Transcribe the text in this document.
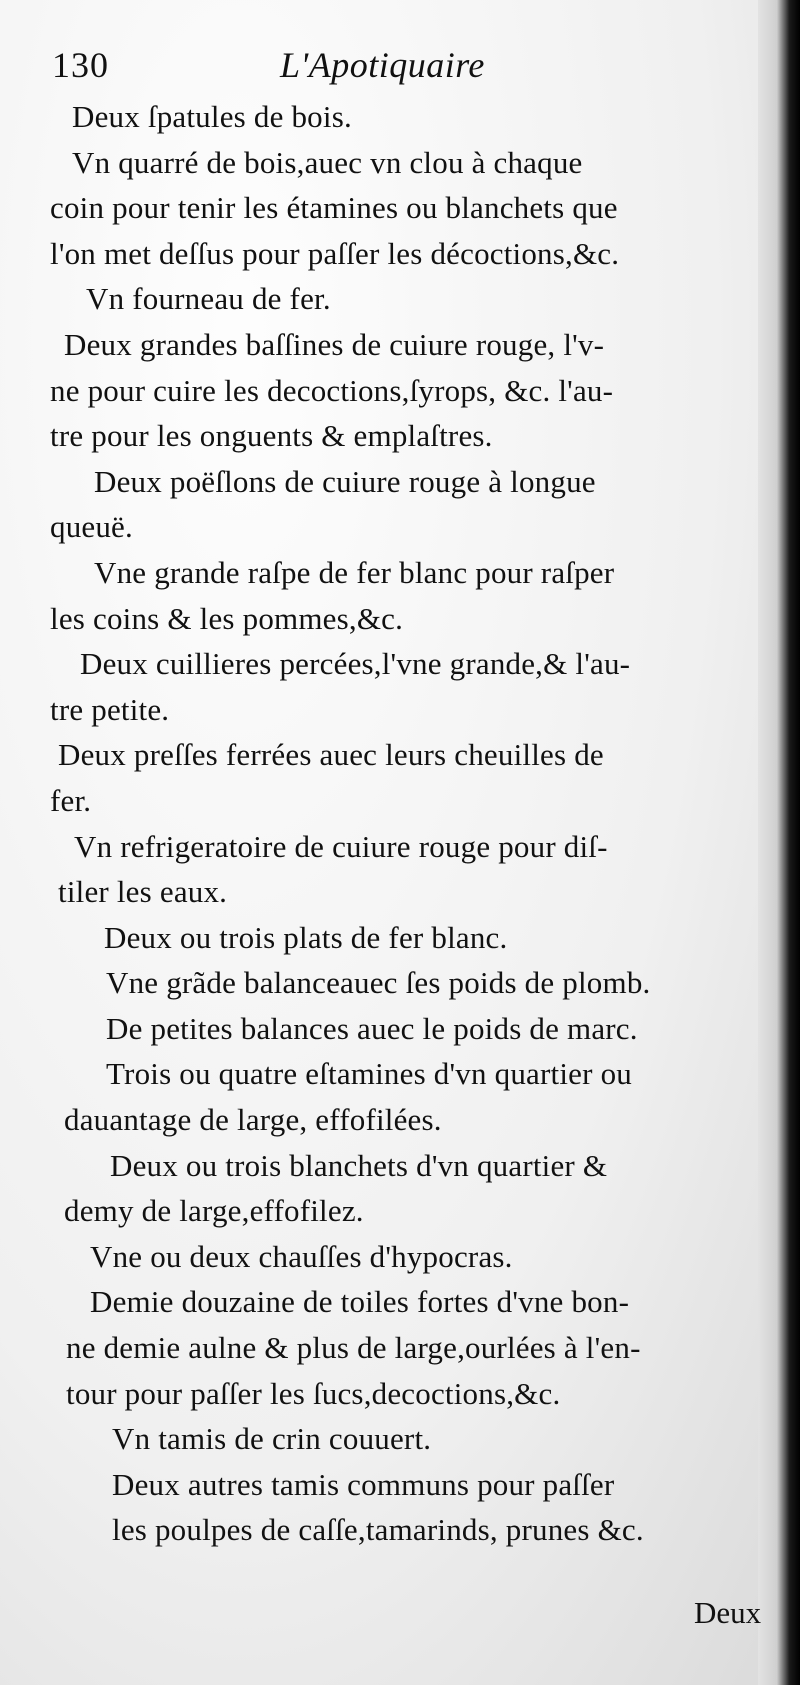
130	L'Apotiquaire
Deux ſpatules de bois.
Vn quarré de bois,auec vn clou à chaque
coin pour tenir les étamines ou blanchets que
l'on met deſſus pour paſſer les décoctions,&c.
Vn fourneau de fer.
Deux grandes baſſines de cuiure rouge, l'v-
ne pour cuire les decoctions,ſyrops, &c. l'au-
tre pour les onguents & emplaſtres.
Deux poëſlons de cuiure rouge à longue
queuë.
Vne grande raſpe de fer blanc pour raſper
les coins & les pommes,&c.
Deux cuillieres percées,l'vne grande,& l'au-
tre petite.
Deux preſſes ferrées auec leurs cheuilles de
fer.
Vn refrigeratoire de cuiure rouge pour diſ-
tiler les eaux.
Deux ou trois plats de fer blanc.
Vne grãde balanceauec ſes poids de plomb.
De petites balances auec le poids de marc.
Trois ou quatre eſtamines d'vn quartier ou
dauantage de large, effofilées.
Deux ou trois blanchets d'vn quartier &
demy de large,effofilez.
Vne ou deux chauſſes d'hypocras.
Demie douzaine de toiles fortes d'vne bon-
ne demie aulne & plus de large,ourlées à l'en-
tour pour paſſer les ſucs,decoctions,&c.
Vn tamis de crin couuert.
Deux autres tamis communs pour paſſer
les poulpes de caſſe,tamarinds, prunes &c.
Deux
